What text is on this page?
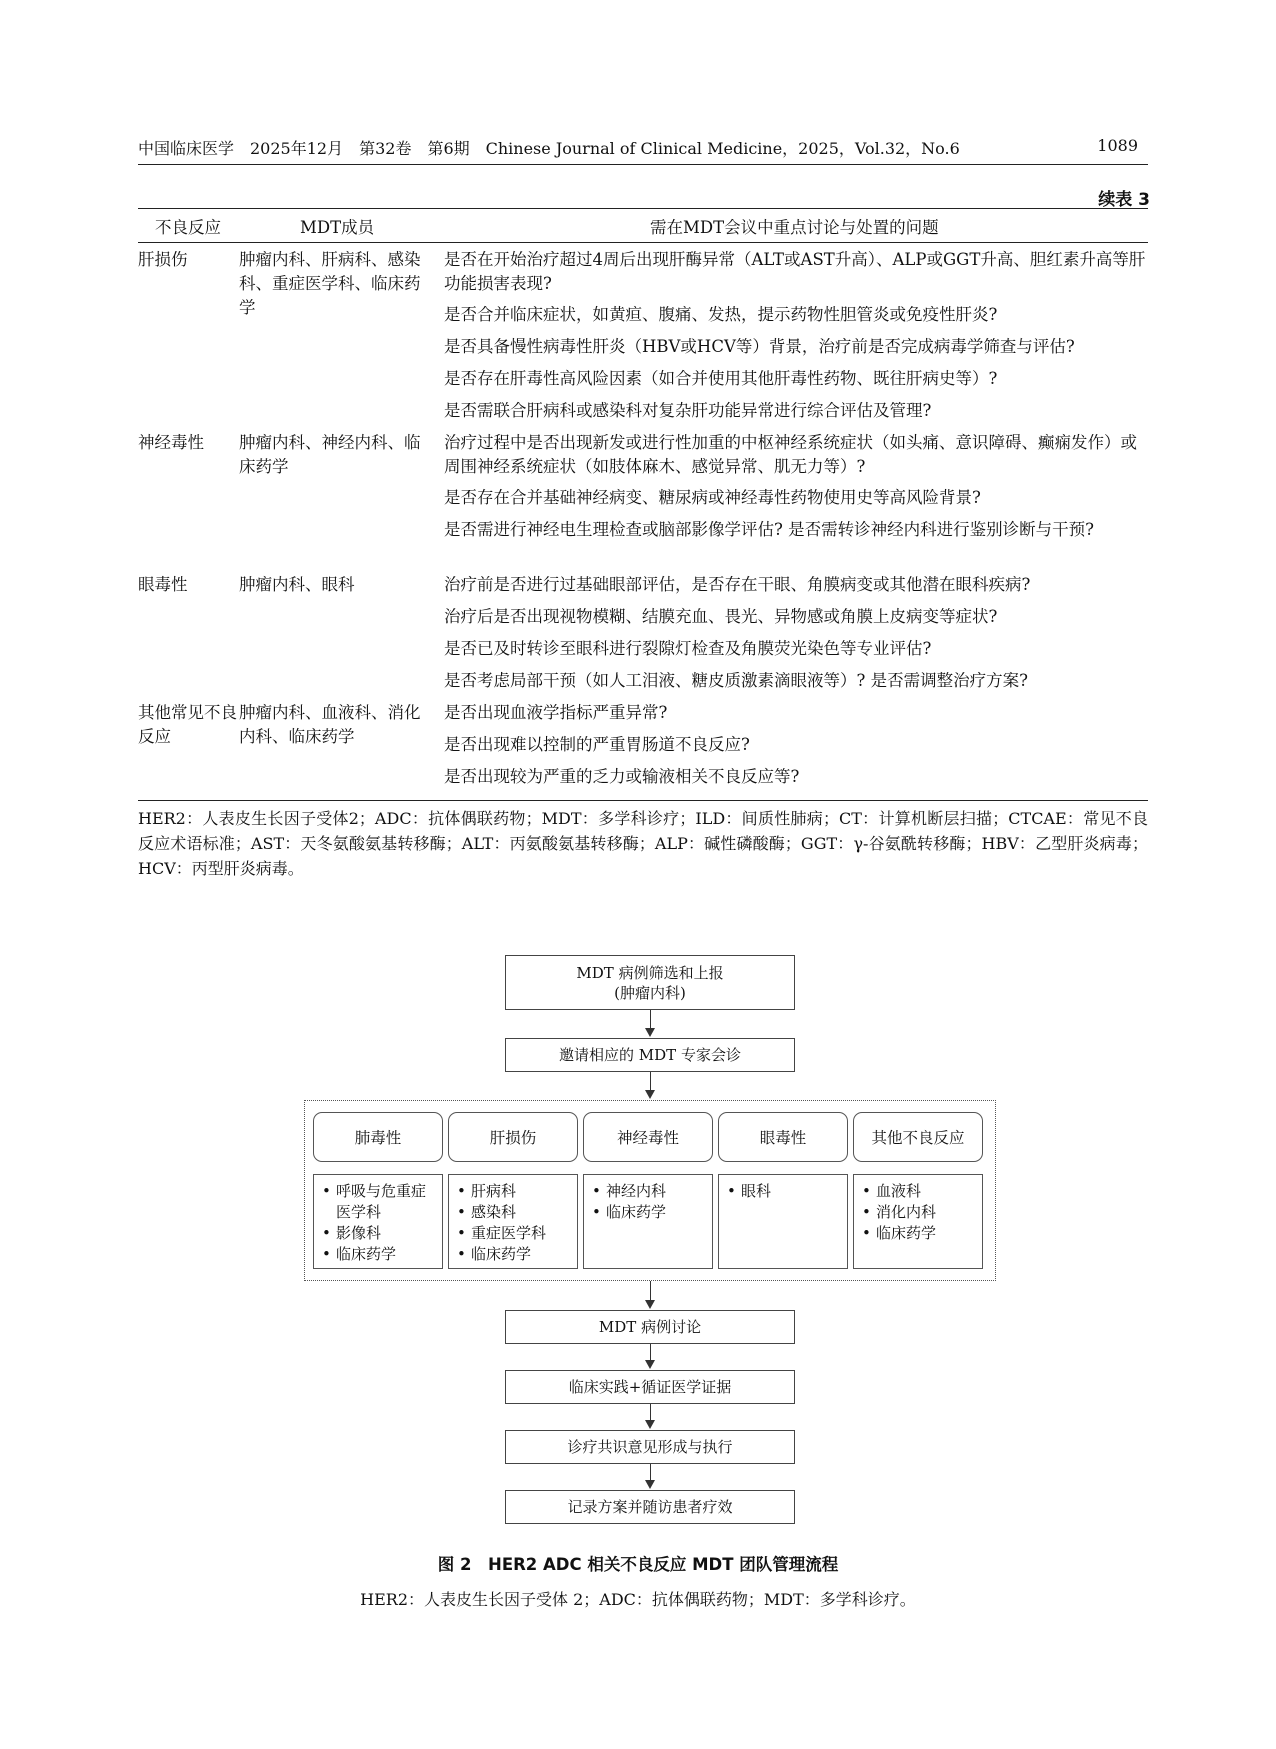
中国临床医学　2025年12月　第32卷　第6期　Chinese Journal of Clinical Medicine，2025，Vol.32，No.6	1089
续表 3
不良反应	MDT成员	需在MDT会议中重点讨论与处置的问题
肝损伤	肿瘤内科、肝病科、感染科、重症医学科、临床药学
是否在开始治疗超过4周后出现肝酶异常（ALT或AST升高）、ALP或GGT升高、胆红素升高等肝功能损害表现?
是否合并临床症状，如黄疸、腹痛、发热，提示药物性胆管炎或免疫性肝炎?
是否具备慢性病毒性肝炎（HBV或HCV等）背景，治疗前是否完成病毒学筛查与评估?
是否存在肝毒性高风险因素（如合并使用其他肝毒性药物、既往肝病史等）?
是否需联合肝病科或感染科对复杂肝功能异常进行综合评估及管理?
神经毒性	肿瘤内科、神经内科、临床药学
治疗过程中是否出现新发或进行性加重的中枢神经系统症状（如头痛、意识障碍、癫痫发作）或周围神经系统症状（如肢体麻木、感觉异常、肌无力等）?
是否存在合并基础神经病变、糖尿病或神经毒性药物使用史等高风险背景?
是否需进行神经电生理检查或脑部影像学评估? 是否需转诊神经内科进行鉴别诊断与干预?
眼毒性	肿瘤内科、眼科	治疗前是否进行过基础眼部评估，是否存在干眼、角膜病变或其他潜在眼科疾病?
治疗后是否出现视物模糊、结膜充血、畏光、异物感或角膜上皮病变等症状?
是否已及时转诊至眼科进行裂隙灯检查及角膜荧光染色等专业评估?
是否考虑局部干预（如人工泪液、糖皮质激素滴眼液等）? 是否需调整治疗方案?
其他常见不良反应
肿瘤内科、血液科、消化内科、临床药学
是否出现血液学指标严重异常?
是否出现难以控制的严重胃肠道不良反应?
是否出现较为严重的乏力或输液相关不良反应等?
HER2：人表皮生长因子受体2；ADC：抗体偶联药物；MDT：多学科诊疗；ILD：间质性肺病；CT：计算机断层扫描；CTCAE：常见不良反应术语标准；AST：天冬氨酸氨基转移酶；ALT：丙氨酸氨基转移酶；ALP：碱性磷酸酶；GGT：γ-谷氨酰转移酶；HBV：乙型肝炎病毒；HCV：丙型肝炎病毒。
MDT 病例筛选和上报
(肿瘤内科)
邀请相应的 MDT 专家会诊
肺毒性	肝损伤	神经毒性	眼毒性	其他不良反应
• 呼吸与危重症医学科
• 影像科
• 临床药学
• 肝病科
• 感染科
• 重症医学科
• 临床药学
• 神经内科
• 临床药学
• 眼科
•	血液科
• 消化内科
• 临床药学
MDT 病例讨论
临床实践+循证医学证据
诊疗共识意见形成与执行
记录方案并随访患者疗效
图 2　HER2 ADC 相关不良反应 MDT 团队管理流程
HER2：人表皮生长因子受体 2；ADC：抗体偶联药物；MDT：多学科诊疗。
